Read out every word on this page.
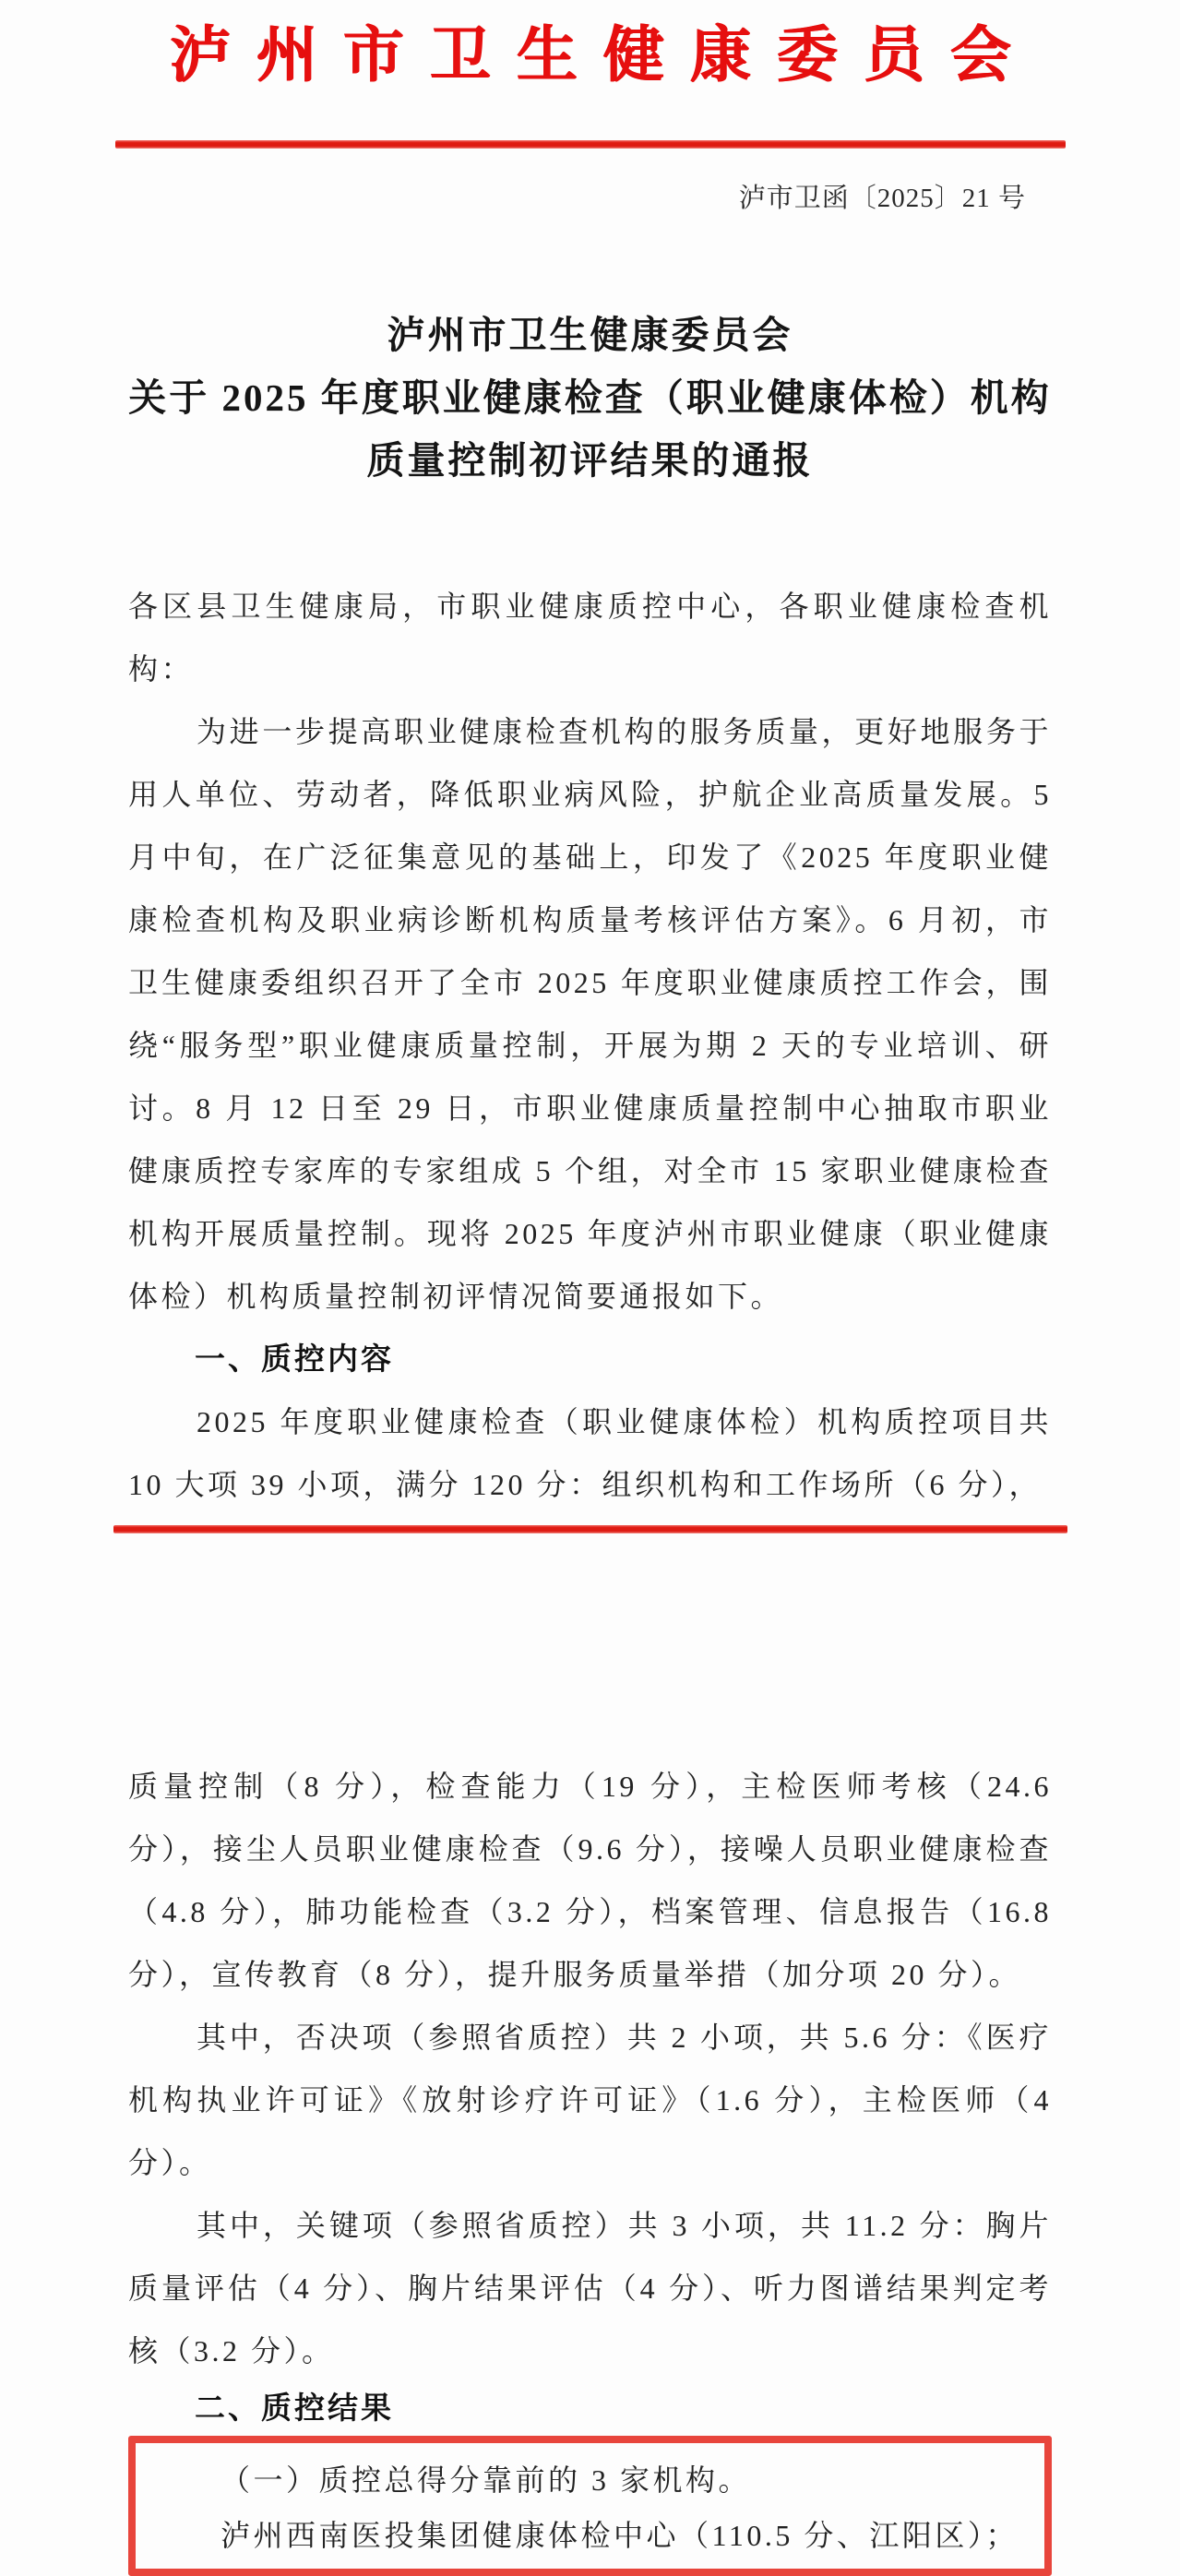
泸州市卫生健康委员会
泸市卫函〔2025〕21 号
泸州市卫生健康委员会
关于 2025 年度职业健康检查（职业健康体检）机构
质量控制初评结果的通报

各区县卫生健康局，市职业健康质控中心，各职业健康检查机构：

为进一步提高职业健康检查机构的服务质量，更好地服务于用人单位、劳动者，降低职业病风险，护航企业高质量发展。5 月中旬，在广泛征集意见的基础上，印发了《2025 年度职业健康检查机构及职业病诊断机构质量考核评估方案》。6 月初，市卫生健康委组织召开了全市 2025 年度职业健康质控工作会，围绕“服务型”职业健康质量控制，开展为期 2 天的专业培训、研讨。8 月 12 日至 29 日，市职业健康质量控制中心抽取市职业健康质控专家库的专家组成 5 个组，对全市 15 家职业健康检查机构开展质量控制。现将 2025 年度泸州市职业健康（职业健康体检）机构质量控制初评情况简要通报如下。

一、质控内容

2025 年度职业健康检查（职业健康体检）机构质控项目共 10 大项 39 小项，满分 120 分：组织机构和工作场所（6 分），

质量控制（8 分），检查能力（19 分），主检医师考核（24.6 分），接尘人员职业健康检查（9.6 分），接噪人员职业健康检查（4.8 分），肺功能检查（3.2 分），档案管理、信息报告（16.8 分），宣传教育（8 分），提升服务质量举措（加分项 20 分）。

其中，否决项（参照省质控）共 2 小项，共 5.6 分：《医疗机构执业许可证》《放射诊疗许可证》（1.6 分），主检医师（4 分）。

其中，关键项（参照省质控）共 3 小项，共 11.2 分：胸片质量评估（4 分）、胸片结果评估（4 分）、听力图谱结果判定考核（3.2 分）。

二、质控结果

（一）质控总得分靠前的 3 家机构。

泸州西南医投集团健康体检中心（110.5 分、江阳区）；
